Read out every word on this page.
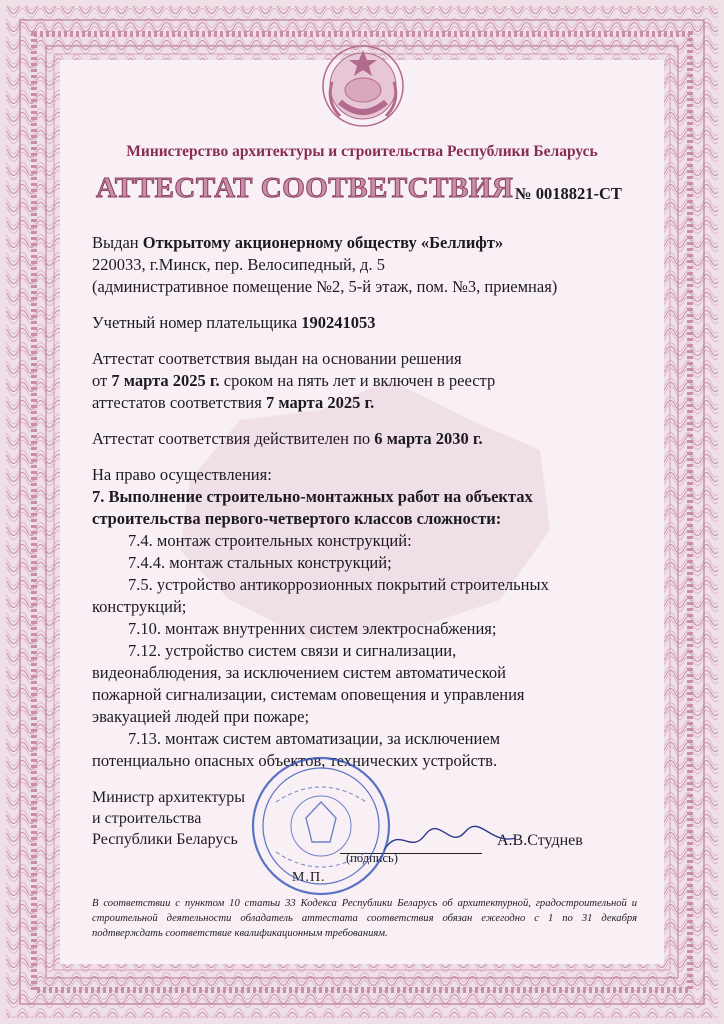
Министерство архитектуры и строительства Республики Беларусь
АТТЕСТАТ СООТВЕТСТВИЯ № 0018821-СТ

Выдан Открытому акционерному обществу «Беллифт»

220033, г.Минск, пер. Велосипедный, д. 5

(административное помещение №2, 5-й этаж, пом. №3, приемная)

Учетный номер плательщика 190241053

Аттестат соответствия выдан на основании решения

от 7 марта 2025 г. сроком на пять лет и включен в реестр

аттестатов соответствия 7 марта 2025 г.

Аттестат соответствия действителен по 6 марта 2030 г.

На право осуществления:

7. Выполнение строительно-монтажных работ на объектах

строительства первого-четвертого классов сложности:

7.4. монтаж строительных конструкций:

7.4.4. монтаж стальных конструкций;

7.5. устройство антикоррозионных покрытий строительных

конструкций;

7.10. монтаж внутренних систем электроснабжения;

7.12. устройство систем связи и сигнализации,

видеонаблюдения, за исключением систем автоматической

пожарной сигнализации, системам оповещения и управления

эвакуацией людей при пожаре;

7.13. монтаж систем автоматизации, за исключением

потенциально опасных объектов, технических устройств.

Министр архитектуры
и строительства
Республики Беларусь
(подпись)
А.В.Студнев
М.П.
В соответствии с пунктом 10 статьи 33 Кодекса Республики Беларусь об архитектурной, градостроительной и строительной деятельности обладатель аттестата соответствия обязан ежегодно с 1 по 31 декабря подтверждать соответствие квалификационным требованиям.
